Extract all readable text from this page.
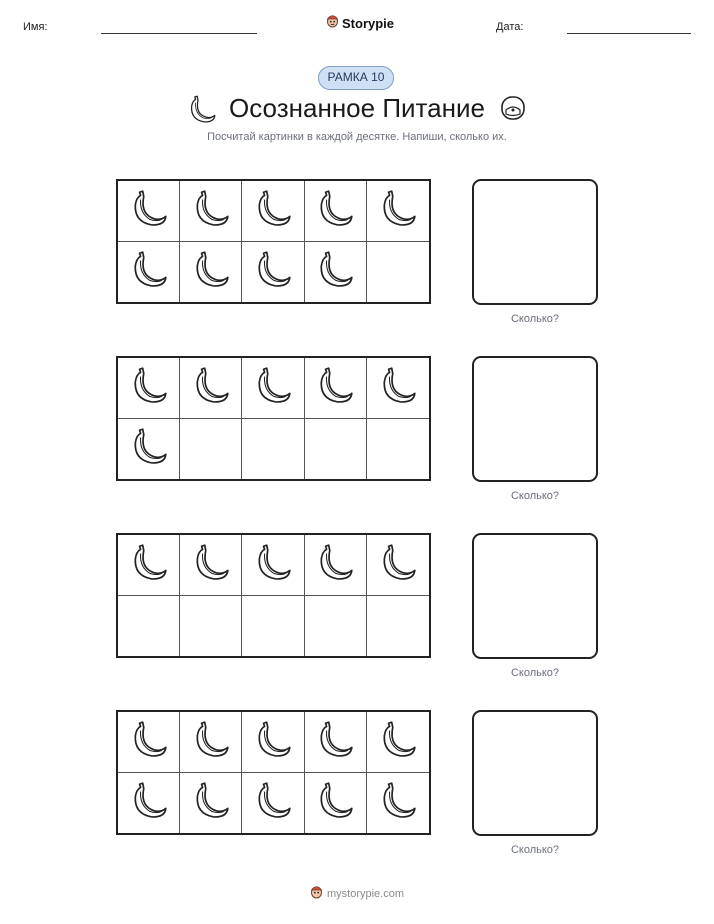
Имя:	Storypie	Дата:
РАМКА 10
Осознанное Питание
Посчитай картинки в каждой десятке. Напиши, сколько их.
Сколько?
Сколько?
Сколько?
Сколько?
mystorypie.com
